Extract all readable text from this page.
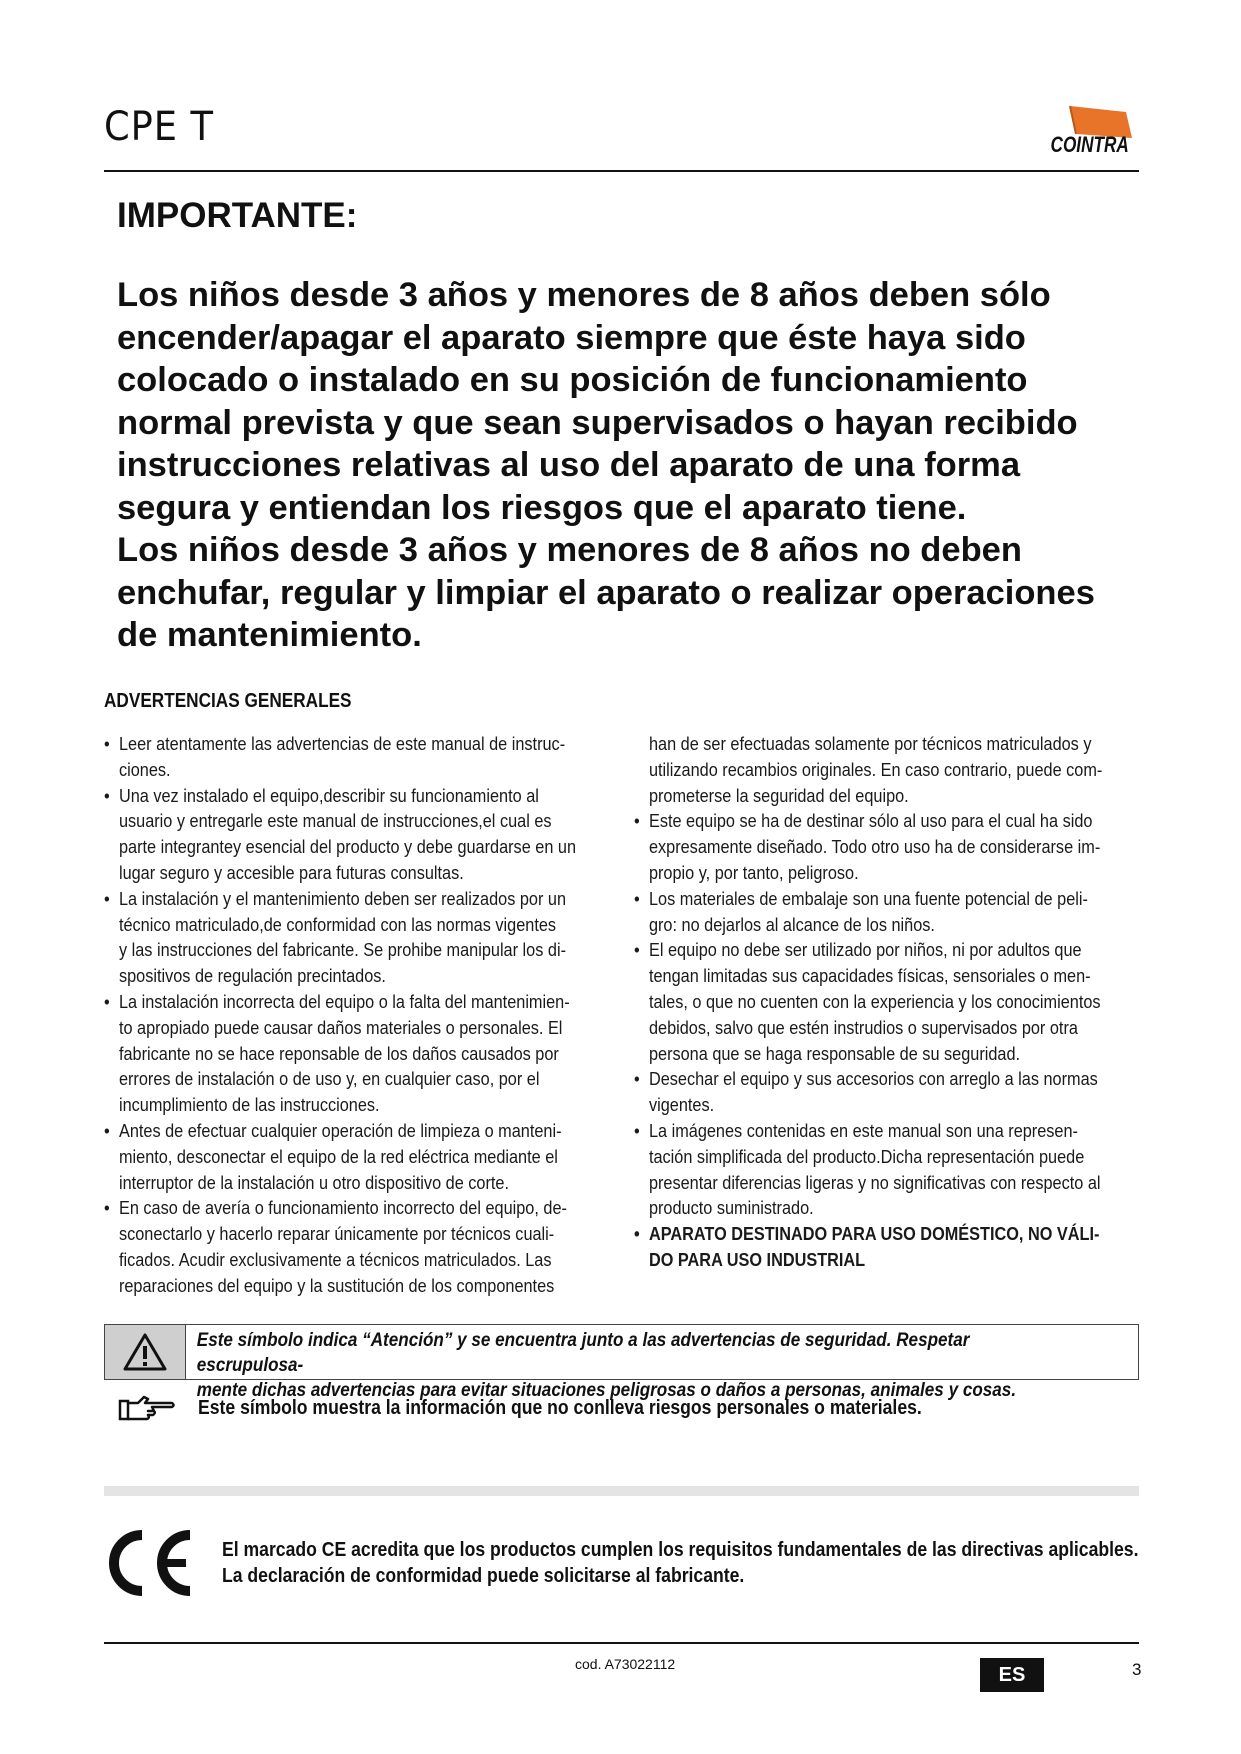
CPE T	COINTRA
IMPORTANTE:

Los niños desde 3 años y menores de 8 años deben sólo encender/apagar el aparato siempre que éste haya sido colocado o instalado en su posición de funcionamiento normal prevista y que sean supervisados o hayan recibido instrucciones relativas al uso del aparato de una forma segura y entiendan los riesgos que el aparato tiene.

Los niños desde 3 años y menores de 8 años no deben enchufar, regular y limpiar el aparato o realizar operaciones de mantenimiento.

ADVERTENCIAS GENERALES
• Leer atentamente las advertencias de este manual de instruc-
ciones.
• Una vez instalado el equipo,describir su funcionamiento al
usuario y entregarle este manual de instrucciones,el cual es
parte integrantey esencial del producto y debe guardarse en un
lugar seguro y accesible para futuras consultas.
• La instalación y el mantenimiento deben ser realizados por un
técnico matriculado,de conformidad con las normas vigentes
y las instrucciones del fabricante. Se prohibe manipular los di-
spositivos de regulación precintados.
• La instalación incorrecta del equipo o la falta del mantenimien-
to apropiado puede causar daños materiales o personales. El
fabricante no se hace reponsable de los daños causados por
errores de instalación o de uso y, en cualquier caso, por el
incumplimiento de las instrucciones.
• Antes de efectuar cualquier operación de limpieza o manteni-
miento, desconectar el equipo de la red eléctrica mediante el
interruptor de la instalación u otro dispositivo de corte.
• En caso de avería o funcionamiento incorrecto del equipo, de-
sconectarlo y hacerlo reparar únicamente por técnicos cuali-
ficados. Acudir exclusivamente a técnicos matriculados. Las
reparaciones del equipo y la sustitución de los componentes
han de ser efectuadas solamente por técnicos matriculados y
utilizando recambios originales. En caso contrario, puede com-
prometerse la seguridad del equipo.
• Este equipo se ha de destinar sólo al uso para el cual ha sido
expresamente diseñado. Todo otro uso ha de considerarse im-
propio y, por tanto, peligroso.
• Los materiales de embalaje son una fuente potencial de peli-
gro: no dejarlos al alcance de los niños.
• El equipo no debe ser utilizado por niños, ni por adultos que
tengan limitadas sus capacidades físicas, sensoriales o men-
tales, o que no cuenten con la experiencia y los conocimientos
debidos, salvo que estén instrudios o supervisados por otra
persona que se haga responsable de su seguridad.
• Desechar el equipo y sus accesorios con arreglo a las normas
vigentes.
• La imágenes contenidas en este manual son una represen-
tación simplificada del producto.Dicha representación puede
presentar diferencias ligeras y no significativas con respecto al
producto suministrado.
• APARATO DESTINADO PARA USO DOMÉSTICO, NO VÁLI-
DO PARA USO INDUSTRIAL
Este símbolo indica “Atención” y se encuentra junto a las advertencias de seguridad. Respetar escrupulosa-
mente dichas advertencias para evitar situaciones peligrosas o daños a personas, animales y cosas.
Este símbolo muestra la información que no conlleva riesgos personales o materiales.
El marcado CE acredita que los productos cumplen los requisitos fundamentales de las directivas aplicables.
La declaración de conformidad puede solicitarse al fabricante.
cod. A73022112	ES	3
